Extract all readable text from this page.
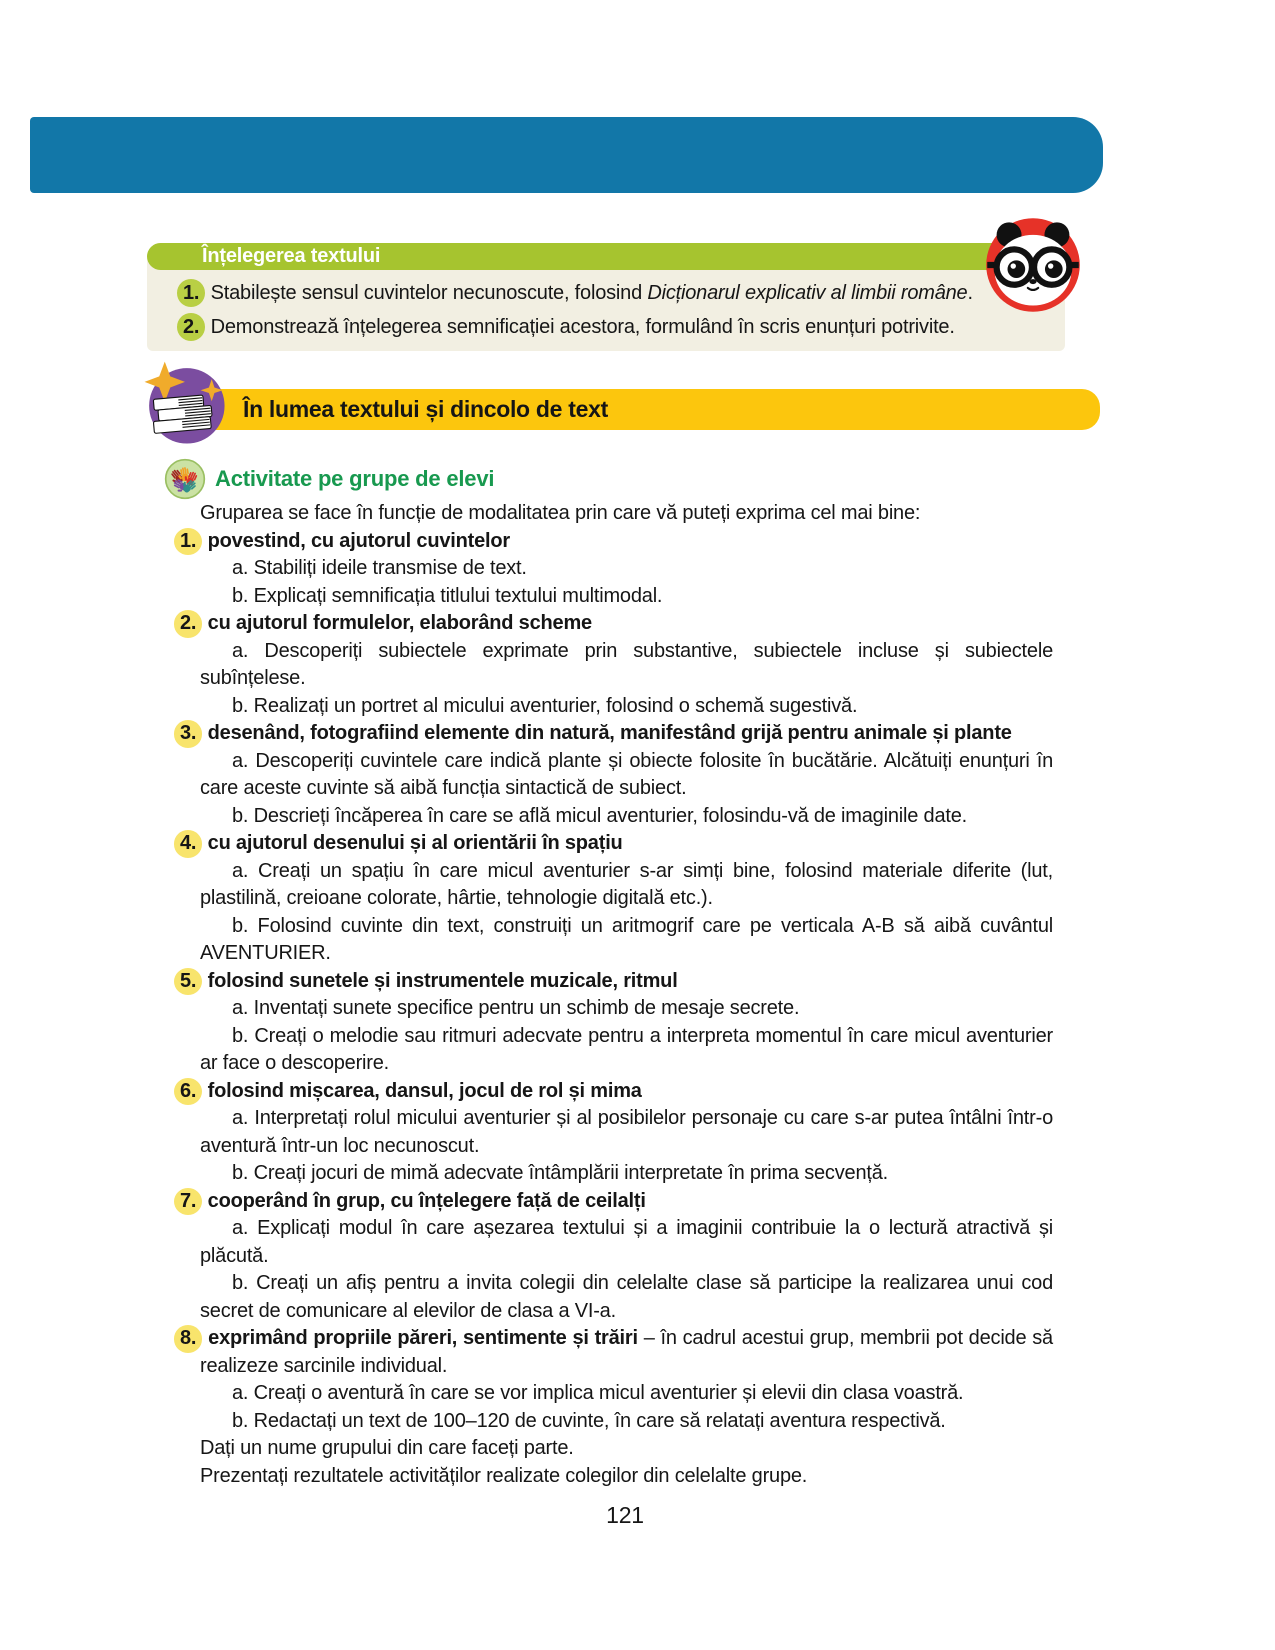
Înțelegerea textului

1. Stabilește sensul cuvintelor necunoscute, folosind Dicționarul explicativ al limbii române.

2. Demonstrează înțelegerea semnificației acestora, formulând în scris enunțuri potrivite.

În lumea textului și dincolo de text
Activitate pe grupe de elevi

Gruparea se face în funcție de modalitatea prin care vă puteți exprima cel mai bine:

1. povestind, cu ajutorul cuvintelor

a. Stabiliți ideile transmise de text.

b. Explicați semnificația titlului textului multimodal.

2. cu ajutorul formulelor, elaborând scheme

a. Descoperiți subiectele exprimate prin substantive, subiectele incluse și subiectele subînțelese.

b. Realizați un portret al micului aventurier, folosind o schemă sugestivă.

3. desenând, fotografiind elemente din natură, manifestând grijă pentru animale și plante

a. Descoperiți cuvintele care indică plante și obiecte folosite în bucătărie. Alcătuiți enunțuri în care aceste cuvinte să aibă funcția sintactică de subiect.

b. Descrieți încăperea în care se află micul aventurier, folosindu-vă de imaginile date.

4. cu ajutorul desenului și al orientării în spațiu

a. Creați un spațiu în care micul aventurier s-ar simți bine, folosind materiale diferite (lut, plastilină, creioane colorate, hârtie, tehnologie digitală etc.).

b. Folosind cuvinte din text, construiți un aritmogrif care pe verticala A-B să aibă cuvântul AVENTURIER.

5. folosind sunetele și instrumentele muzicale, ritmul

a. Inventați sunete specifice pentru un schimb de mesaje secrete.

b. Creați o melodie sau ritmuri adecvate pentru a interpreta momentul în care micul aventurier ar face o descoperire.

6. folosind mișcarea, dansul, jocul de rol și mima

a. Interpretați rolul micului aventurier și al posibilelor personaje cu care s-ar putea întâlni într-o aventură într-un loc necunoscut.

b. Creați jocuri de mimă adecvate întâmplării interpretate în prima secvență.

7. cooperând în grup, cu înțelegere față de ceilalți

a. Explicați modul în care așezarea textului și a imaginii contribuie la o lectură atractivă și plăcută.

b. Creați un afiș pentru a invita colegii din celelalte clase să participe la realizarea unui cod secret de comunicare al elevilor de clasa a VI-a.

8. exprimând propriile păreri, sentimente și trăiri – în cadrul acestui grup, membrii pot decide să realizeze sarcinile individual.

a. Creați o aventură în care se vor implica micul aventurier și elevii din clasa voastră.

b. Redactați un text de 100–120 de cuvinte, în care să relatați aventura respectivă.

Dați un nume grupului din care faceți parte.

Prezentați rezultatele activităților realizate colegilor din celelalte grupe.

121
